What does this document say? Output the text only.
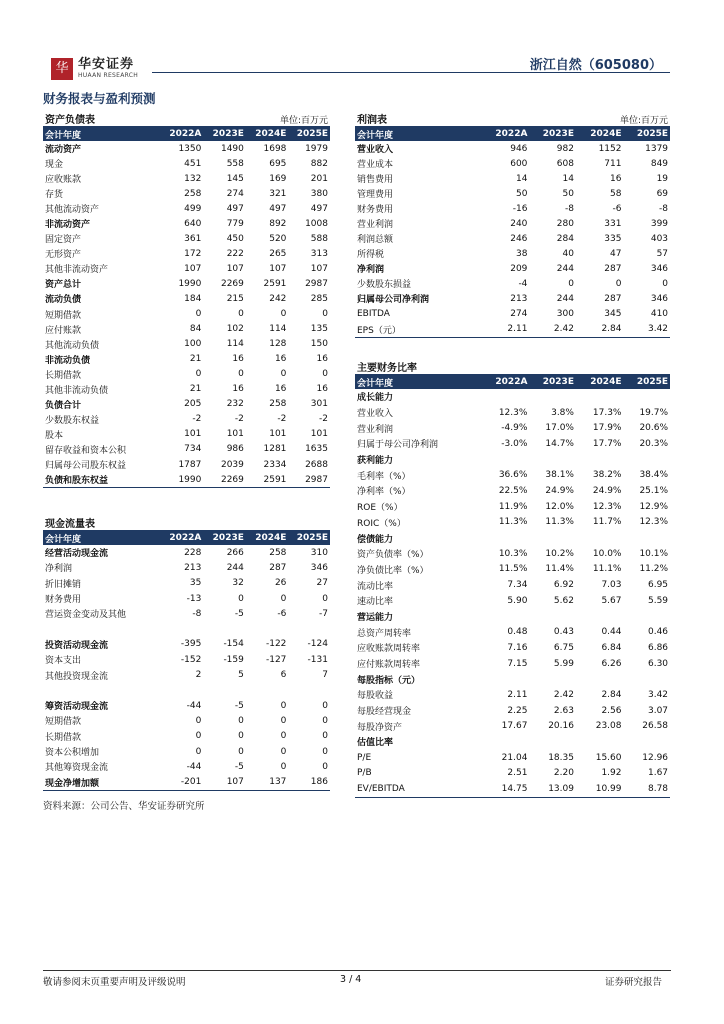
华 华安证券
HUAAN RESEARCH
浙江自然（605080）
财务报表与盈利预测
资产负债表	单位:百万元
会计年度	2022A	2023E	2024E	2025E
流动资产	1350	1490	1698	1979
现金	451	558	695	882
应收账款	132	145	169	201
存货	258	274	321	380
其他流动资产	499	497	497	497
非流动资产	640	779	892	1008
固定资产	361	450	520	588
无形资产	172	222	265	313
其他非流动资产	107	107	107	107
资产总计	1990	2269	2591	2987
流动负债	184	215	242	285
短期借款	0	0	0	0
应付账款	84	102	114	135
其他流动负债	100	114	128	150
非流动负债	21	16	16	16
长期借款	0	0	0	0
其他非流动负债	21	16	16	16
负债合计	205	232	258	301
少数股东权益	-2	-2	-2	-2
股本	101	101	101	101
留存收益和资本公积	734	986	1281	1635
归属母公司股东权益	1787	2039	2334	2688
负债和股东权益	1990	2269	2591	2987
现金流量表
会计年度	2022A	2023E	2024E	2025E
经营活动现金流	228	266	258	310
净利润	213	244	287	346
折旧摊销	35	32	26	27
财务费用	-13	0	0	0
营运资金变动及其他	-8	-5	-6	-7
投资活动现金流	-395	-154	-122	-124
资本支出	-152	-159	-127	-131
其他投资现金流	2	5	6	7
筹资活动现金流	-44	-5	0	0
短期借款	0	0	0	0
长期借款	0	0	0	0
资本公积增加	0	0	0	0
其他筹资现金流	-44	-5	0	0
现金净增加额	-201	107	137	186
利润表	单位:百万元
会计年度	2022A	2023E	2024E	2025E
营业收入	946	982	1152	1379
营业成本	600	608	711	849
销售费用	14	14	16	19
管理费用	50	50	58	69
财务费用	-16	-8	-6	-8
营业利润	240	280	331	399
利润总额	246	284	335	403
所得税	38	40	47	57
净利润	209	244	287	346
少数股东损益	-4	0	0	0
归属母公司净利润	213	244	287	346
EBITDA	274	300	345	410
EPS（元）	2.11	2.42	2.84	3.42
主要财务比率
会计年度	2022A	2023E	2024E	2025E
成长能力
营业收入	12.3%	3.8%	17.3%	19.7%
营业利润	-4.9%	17.0%	17.9%	20.6%
归属于母公司净利润	-3.0%	14.7%	17.7%	20.3%
获利能力
毛利率（%）	36.6%	38.1%	38.2%	38.4%
净利率（%）	22.5%	24.9%	24.9%	25.1%
ROE（%）	11.9%	12.0%	12.3%	12.9%
ROIC（%）	11.3%	11.3%	11.7%	12.3%
偿债能力
资产负债率（%）	10.3%	10.2%	10.0%	10.1%
净负债比率（%）	11.5%	11.4%	11.1%	11.2%
流动比率	7.34	6.92	7.03	6.95
速动比率	5.90	5.62	5.67	5.59
营运能力
总资产周转率	0.48	0.43	0.44	0.46
应收账款周转率	7.16	6.75	6.84	6.86
应付账款周转率	7.15	5.99	6.26	6.30
每股指标（元）
每股收益	2.11	2.42	2.84	3.42
每股经营现金	2.25	2.63	2.56	3.07
每股净资产	17.67	20.16	23.08	26.58
估值比率
P/E	21.04	18.35	15.60	12.96
P/B	2.51	2.20	1.92	1.67
EV/EBITDA	14.75	13.09	10.99	8.78
资料来源：公司公告、华安证券研究所
敬请参阅末页重要声明及评级说明	3 / 4	证券研究报告
